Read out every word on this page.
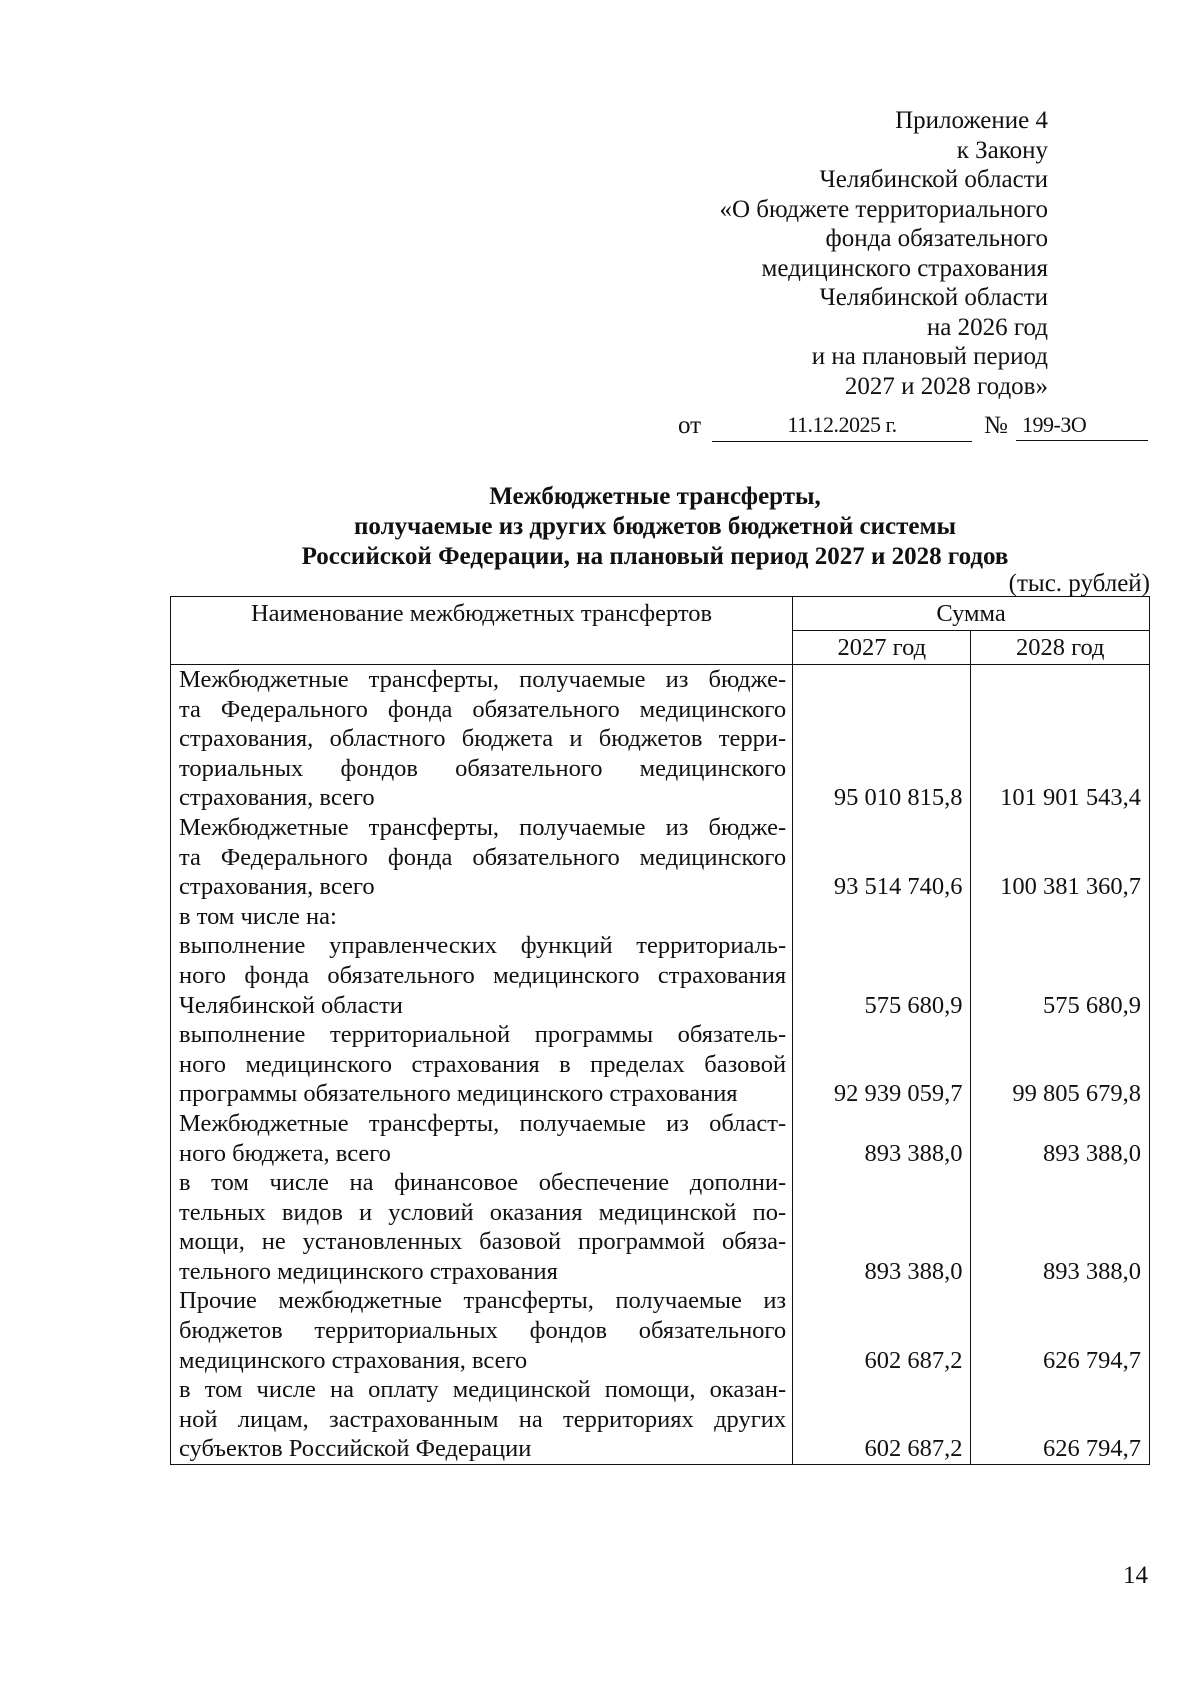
Приложение 4
к Закону
Челябинской области
«О бюджете территориального
фонда обязательного
медицинского страхования
Челябинской области
на 2026 год
и на плановый период
2027 и 2028 годов»
от	11.12.2025 г.	№ 199-ЗО
Межбюджетные трансферты,
получаемые из других бюджетов бюджетной системы
Российской Федерации, на плановый период 2027 и 2028 годов
(тыс. рублей)
Наименование межбюджетных трансфертов	Сумма	
	2027 год	2028 год

Межбюджетные трансферты, получаемые из бюдже-
та Федерального фонда обязательного медицинского
страхования, областного бюджета и бюджетов терри-
ториальных фондов обязательного медицинского
страхования, всего	95 010 815,8	101 901 543,4

Межбюджетные трансферты, получаемые из бюдже-
та Федерального фонда обязательного медицинского
страхования, всего	93 514 740,6	100 381 360,7

в том числе на:		

выполнение управленческих функций территориаль-
ного фонда обязательного медицинского страхования
Челябинской области	575 680,9	575 680,9

выполнение территориальной программы обязатель-
ного медицинского страхования в пределах базовой
программы обязательного медицинского страхования	92 939 059,7	99 805 679,8

Межбюджетные трансферты, получаемые из област-
ного бюджета, всего	893 388,0	893 388,0

в том числе на финансовое обеспечение дополни-
тельных видов и условий оказания медицинской по-
мощи, не установленных базовой программой обяза-
тельного медицинского страхования	893 388,0	893 388,0

Прочие межбюджетные трансферты, получаемые из
бюджетов территориальных фондов обязательного
медицинского страхования, всего	602 687,2	626 794,7

в том числе на оплату медицинской помощи, оказан-
ной лицам, застрахованным на территориях других
субъектов Российской Федерации	602 687,2	626 794,7
14
